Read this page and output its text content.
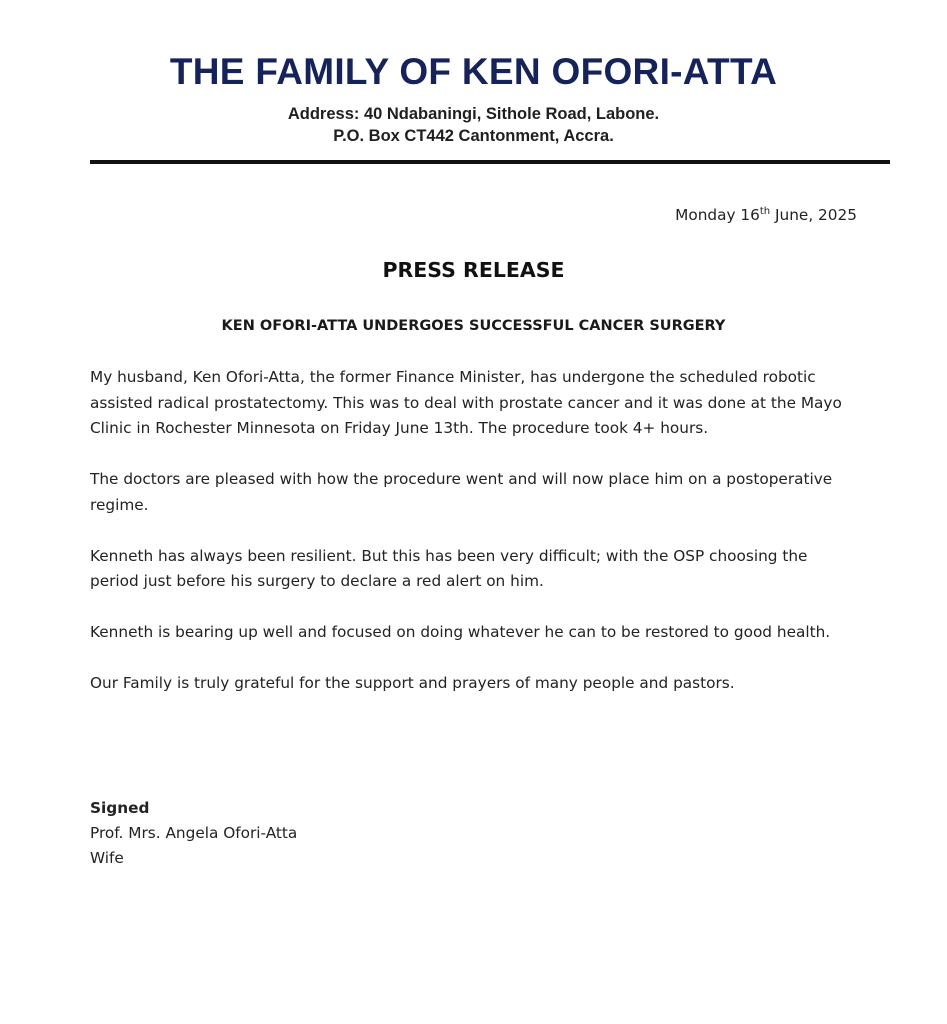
THE FAMILY OF KEN OFORI-ATTA
Address: 40 Ndabaningi, Sithole Road, Labone.
P.O. Box CT442 Cantonment, Accra.
Monday 16th June, 2025
PRESS RELEASE
KEN OFORI-ATTA UNDERGOES SUCCESSFUL CANCER SURGERY

My husband, Ken Ofori-Atta, the former Finance Minister, has undergone the scheduled robotic assisted radical prostatectomy. This was to deal with prostate cancer and it was done at the Mayo Clinic in Rochester Minnesota on Friday June 13th. The procedure took 4+ hours.

The doctors are pleased with how the procedure went and will now place him on a postoperative regime.

Kenneth has always been resilient. But this has been very difficult; with the OSP choosing the period just before his surgery to declare a red alert on him.

Kenneth is bearing up well and focused on doing whatever he can to be restored to good health.

Our Family is truly grateful for the support and prayers of many people and pastors.

Signed
Prof. Mrs. Angela Ofori-Atta
Wife
